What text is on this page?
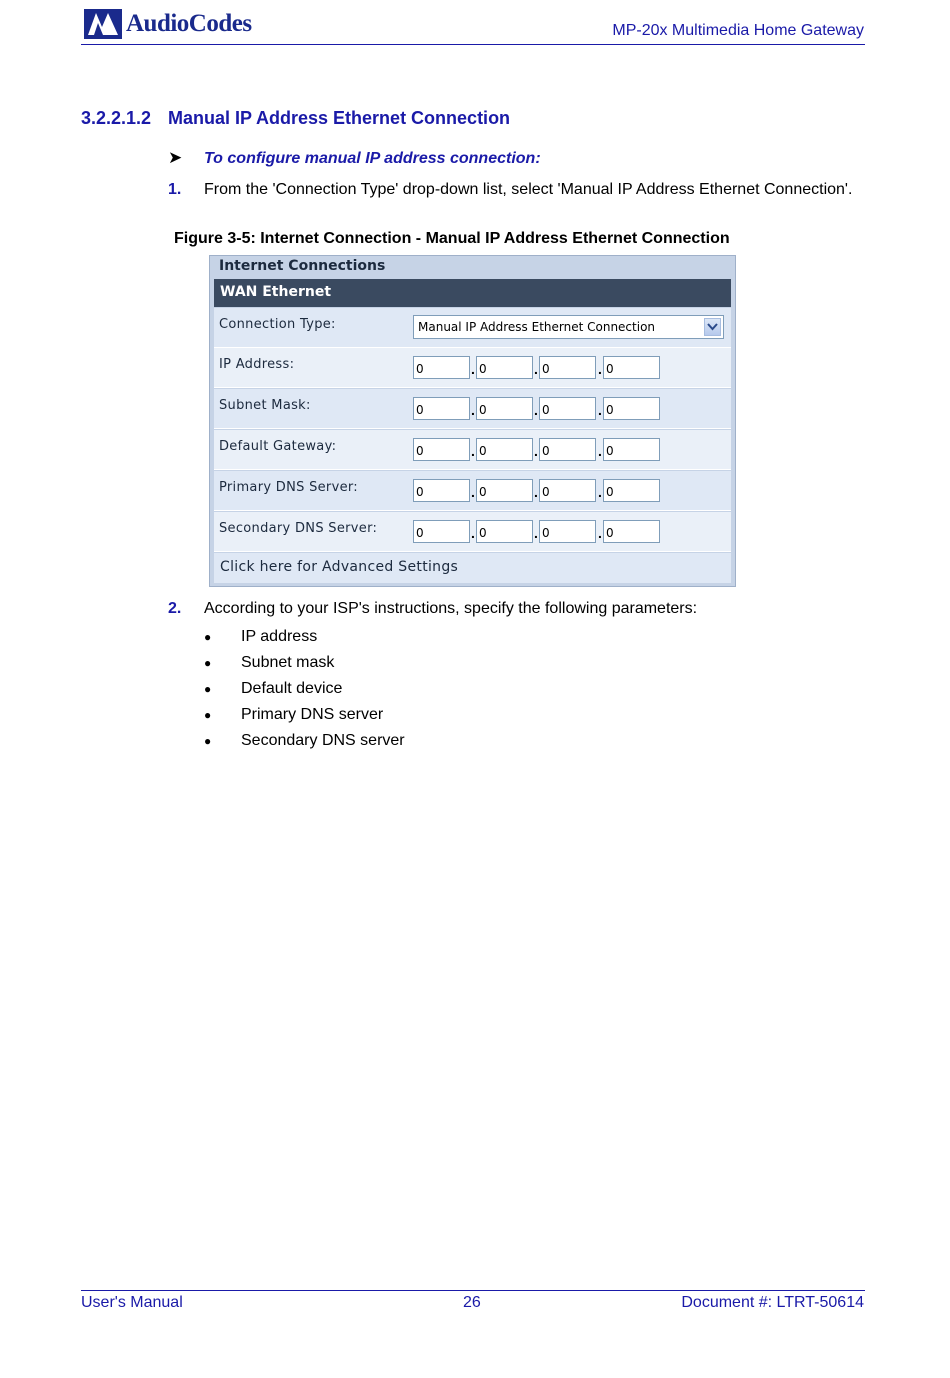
AudioCodes	MP-20x Multimedia Home Gateway
3.2.2.1.2 Manual IP Address Ethernet Connection
➤ To configure manual IP address connection:
1. From the 'Connection Type' drop-down list, select 'Manual IP Address Ethernet Connection'.
Figure 3-5: Internet Connection - Manual IP Address Ethernet Connection
Internet Connections
WAN Ethernet
Connection Type:	Manual IP Address Ethernet Connection
IP Address:	0	. 0	. 0	. 0
Subnet Mask:	0	. 0	. 0	. 0
Default Gateway:	0	. 0	. 0	. 0
Primary DNS Server:	0	. 0	. 0	. 0
Secondary DNS Server:	0	. 0	. 0	. 0
Click here for Advanced Settings
2. According to your ISP's instructions, specify the following parameters:
● IP address
● Subnet mask
● Default device
● Primary DNS server
● Secondary DNS server
User's Manual	26	Document #: LTRT-50614
